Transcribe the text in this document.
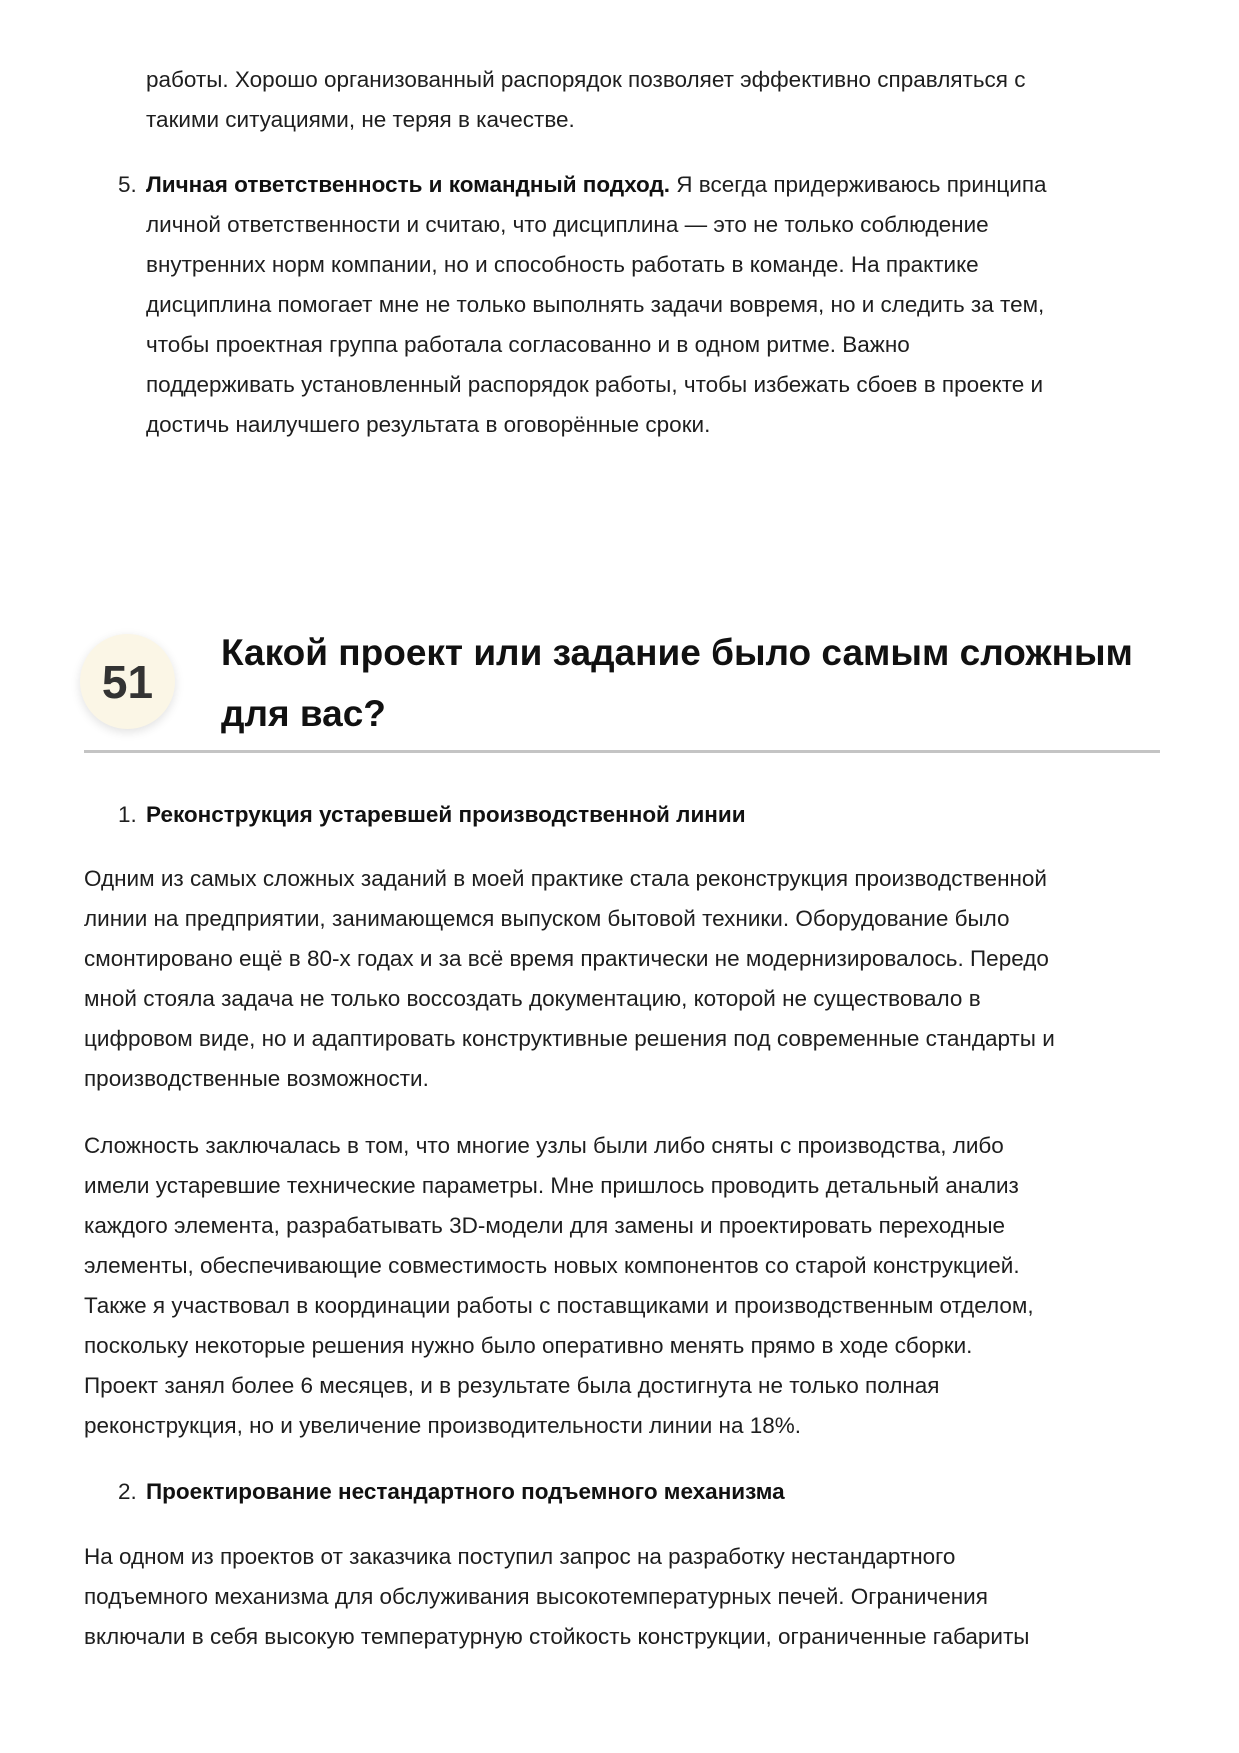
работы. Хорошо организованный распорядок позволяет эффективно справляться с
такими ситуациями, не теряя в качестве.
5. Личная ответственность и командный подход. Я всегда придерживаюсь принципа
личной ответственности и считаю, что дисциплина — это не только соблюдение
внутренних норм компании, но и способность работать в команде. На практике
дисциплина помогает мне не только выполнять задачи вовремя, но и следить за тем,
чтобы проектная группа работала согласованно и в одном ритме. Важно
поддерживать установленный распорядок работы, чтобы избежать сбоев в проекте и
достичь наилучшего результата в оговорённые сроки.
51
Какой проект или задание было самым сложным
для вас?
1. Реконструкция устаревшей производственной линии
Одним из самых сложных заданий в моей практике стала реконструкция производственной
линии на предприятии, занимающемся выпуском бытовой техники. Оборудование было
смонтировано ещё в 80-х годах и за всё время практически не модернизировалось. Передо
мной стояла задача не только воссоздать документацию, которой не существовало в
цифровом виде, но и адаптировать конструктивные решения под современные стандарты и
производственные возможности.
Сложность заключалась в том, что многие узлы были либо сняты с производства, либо
имели устаревшие технические параметры. Мне пришлось проводить детальный анализ
каждого элемента, разрабатывать 3D-модели для замены и проектировать переходные
элементы, обеспечивающие совместимость новых компонентов со старой конструкцией.
Также я участвовал в координации работы с поставщиками и производственным отделом,
поскольку некоторые решения нужно было оперативно менять прямо в ходе сборки.
Проект занял более 6 месяцев, и в результате была достигнута не только полная
реконструкция, но и увеличение производительности линии на 18%.
2. Проектирование нестандартного подъемного механизма
На одном из проектов от заказчика поступил запрос на разработку нестандартного
подъемного механизма для обслуживания высокотемпературных печей. Ограничения
включали в себя высокую температурную стойкость конструкции, ограниченные габариты
